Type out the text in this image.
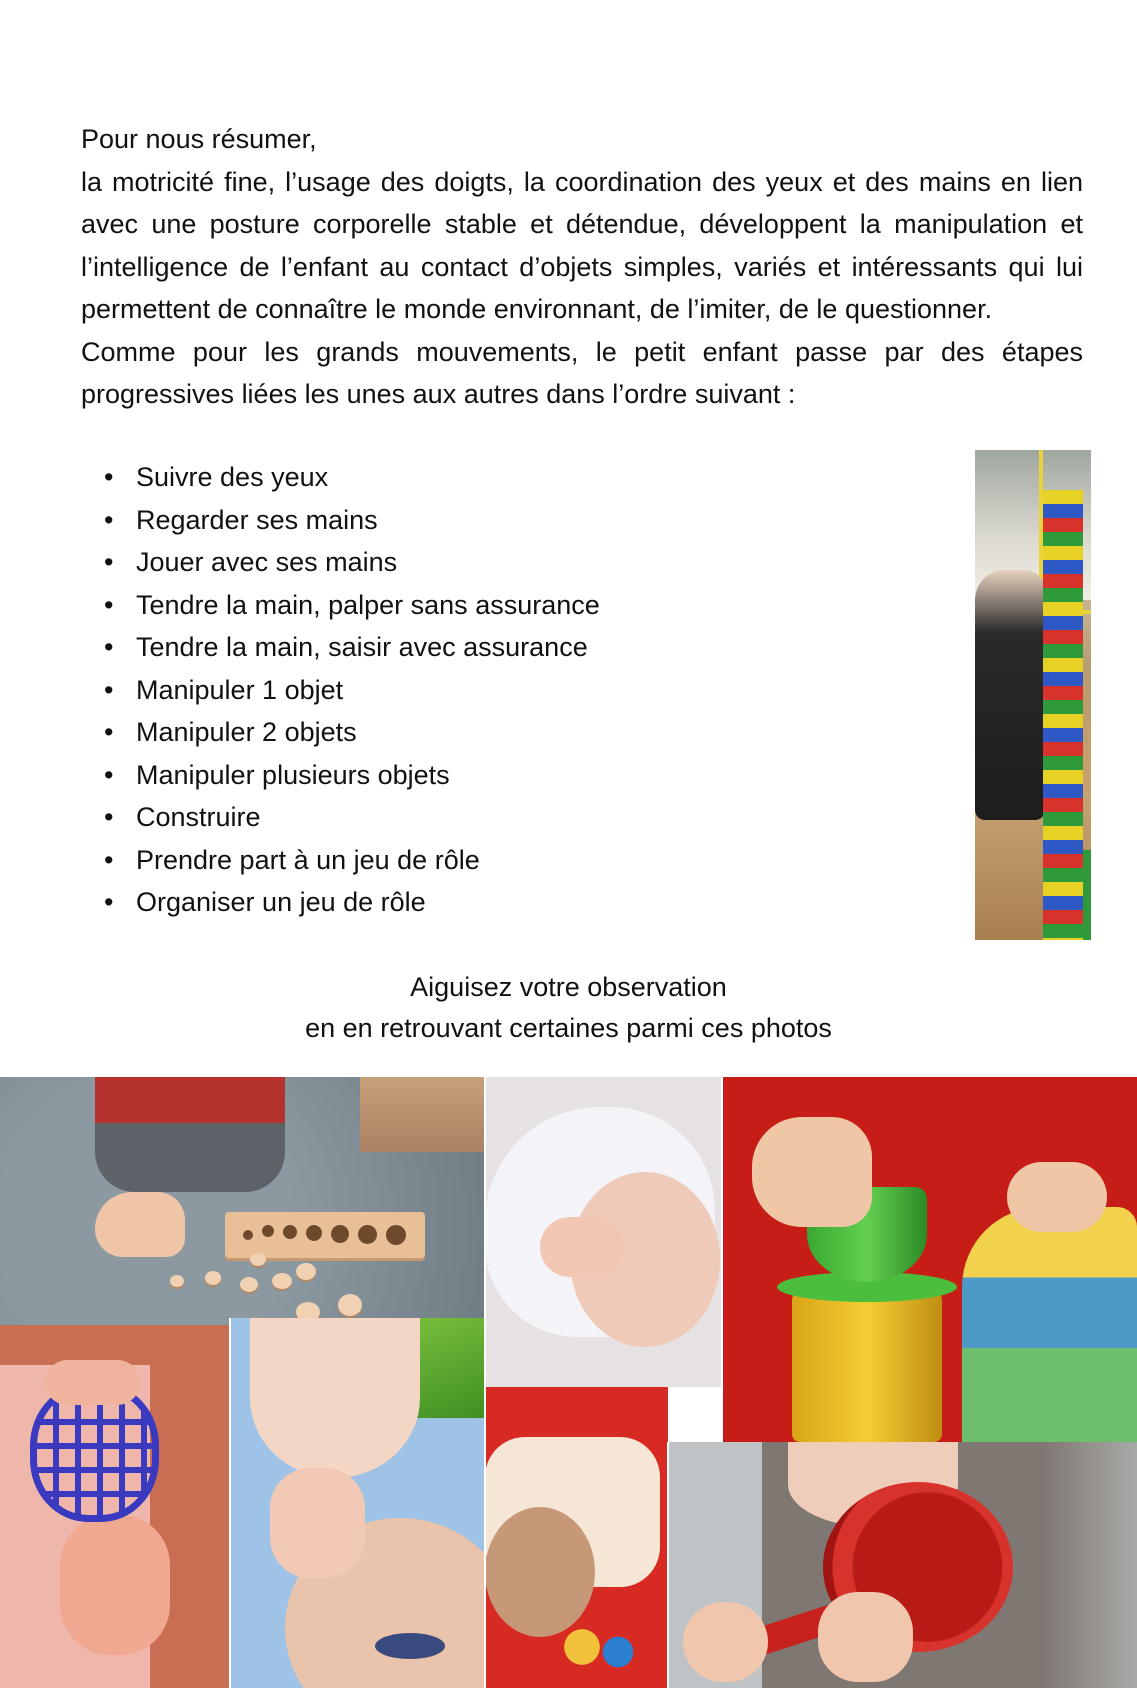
Pour nous résumer,

la motricité fine, l’usage des doigts, la coordination des yeux et des mains en lien avec une posture corporelle stable et détendue, développent la manipulation et l’intelligence de l’enfant au contact d’objets simples, variés et intéressants qui lui permettent de connaître le monde environnant, de l’imiter, de le questionner.

Comme pour les grands mouvements, le petit enfant passe par des étapes progressives liées les unes aux autres dans l’ordre suivant :

• Suivre des yeux
• Regarder ses mains
• Jouer avec ses mains
• Tendre la main, palper sans assurance
• Tendre la main, saisir avec assurance
• Manipuler 1 objet
• Manipuler 2 objets
• Manipuler plusieurs objets
• Construire
• Prendre part à un jeu de rôle
• Organiser un jeu de rôle
Aiguisez votre observation
en en retrouvant certaines parmi ces photos
